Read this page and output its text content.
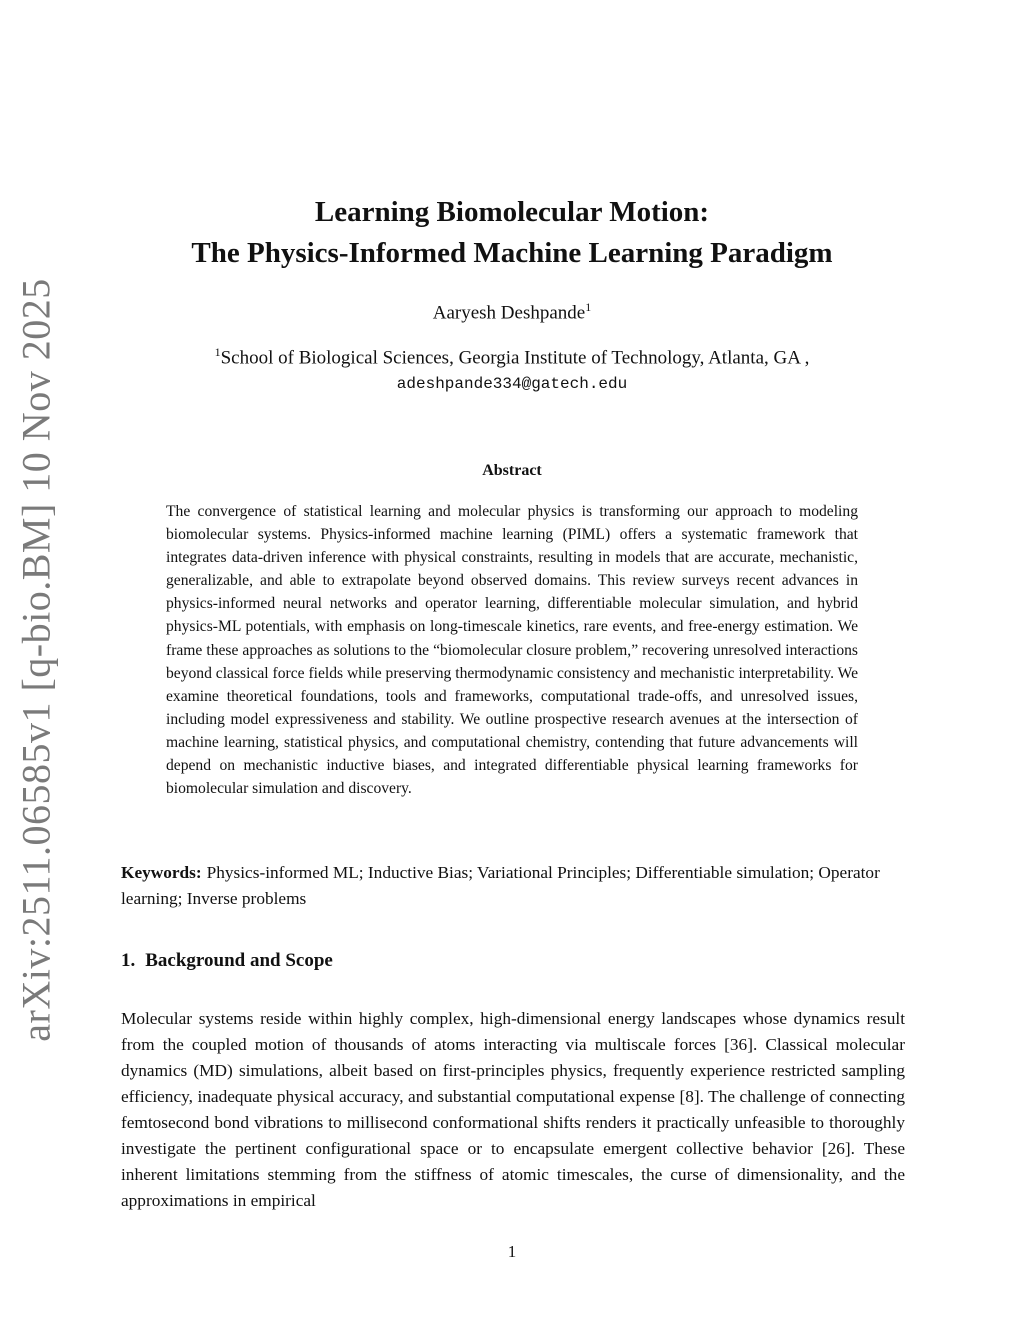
arXiv:2511.06585v1 [q-bio.BM] 10 Nov 2025
Learning Biomolecular Motion:
The Physics-Informed Machine Learning Paradigm
Aaryesh Deshpande$^1$
$^1$School of Biological Sciences, Georgia Institute of Technology, Atlanta, GA ,
adeshpande334@gatech.edu
Abstract
The convergence of statistical learning and molecular physics is transforming our approach to modeling biomolecular systems. Physics-informed machine learning (PIML) offers a systematic framework that integrates data-driven inference with physical constraints, resulting in models that are accurate, mechanistic, generalizable, and able to extrapolate beyond observed domains. This review surveys recent advances in physics-informed neural networks and operator learning, differentiable molecular simulation, and hybrid physics-ML potentials, with emphasis on long-timescale kinetics, rare events, and free-energy estimation. We frame these approaches as solutions to the “biomolecular closure problem,” recovering unresolved interactions beyond classical force fields while preserving thermodynamic consistency and mechanistic interpretability. We examine theoretical foundations, tools and frameworks, computational trade-offs, and unresolved issues, including model expressiveness and stability. We outline prospective research avenues at the intersection of machine learning, statistical physics, and computational chemistry, contending that future advancements will depend on mechanistic inductive biases, and integrated differentiable physical learning frameworks for biomolecular simulation and discovery.
Keywords: Physics-informed ML; Inductive Bias; Variational Principles; Differentiable simulation; Operator learning; Inverse problems
1. Background and Scope
Molecular systems reside within highly complex, high-dimensional energy landscapes whose dynamics result from the coupled motion of thousands of atoms interacting via multiscale forces [36]. Classical molecular dynamics (MD) simulations, albeit based on first-principles physics, frequently experience restricted sampling efficiency, inadequate physical accuracy, and substantial computational expense [8]. The challenge of connecting femtosecond bond vibrations to millisecond conformational shifts renders it practically unfeasible to thoroughly investigate the pertinent configurational space or to encapsulate emergent collective behavior [26]. These inherent limitations stemming from the stiffness of atomic timescales, the curse of dimensionality, and the approximations in empirical
1
